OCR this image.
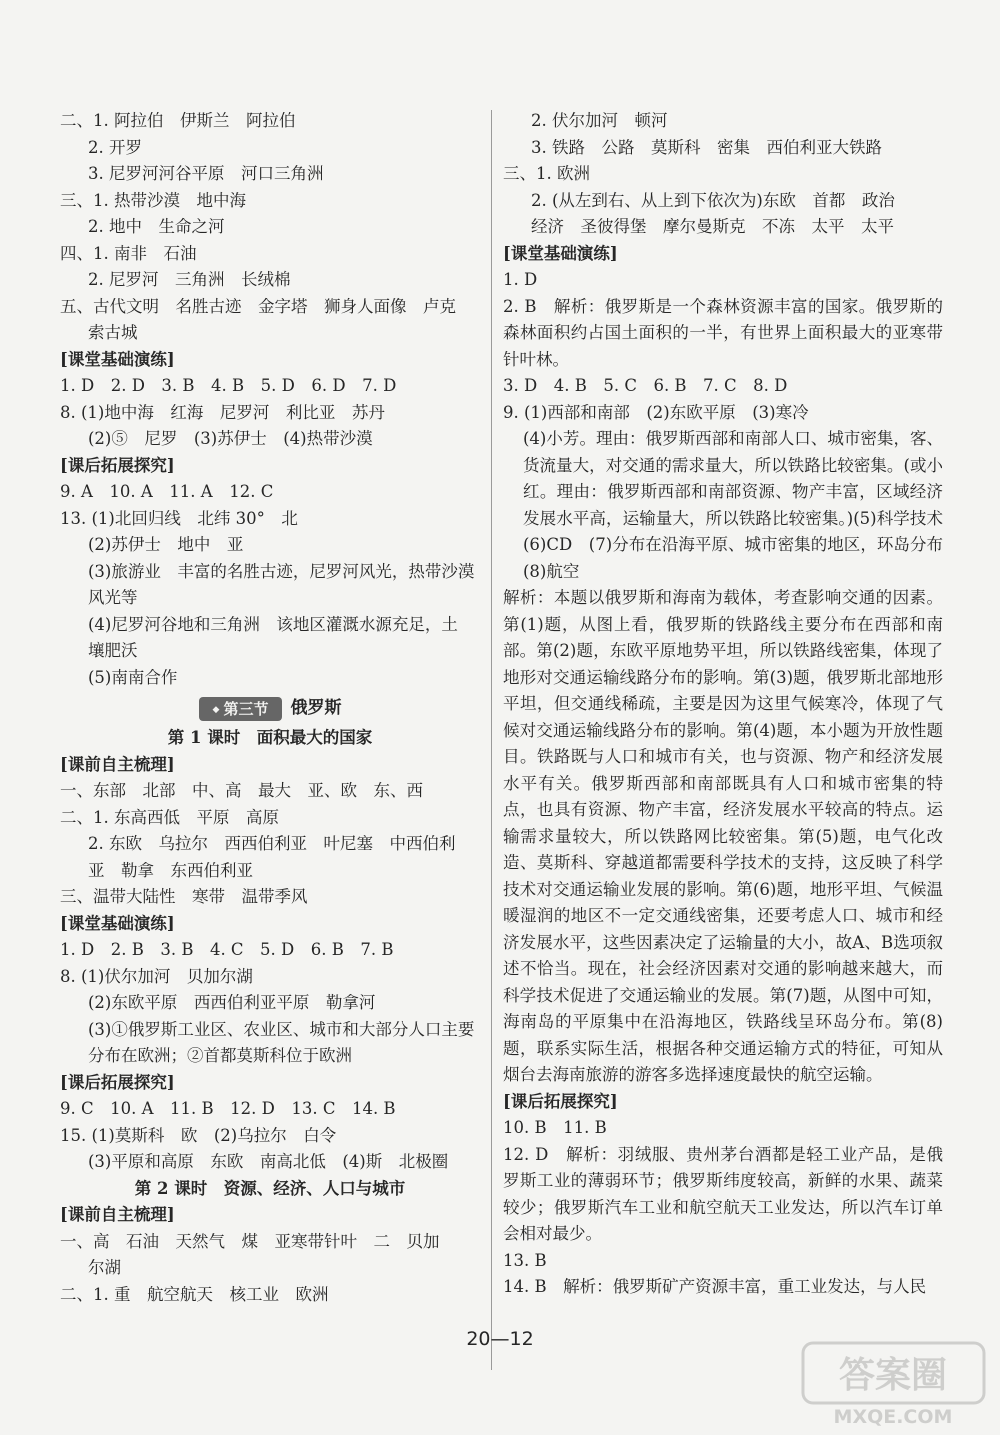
二、1. 阿拉伯　伊斯兰　阿拉伯
2. 开罗
3. 尼罗河河谷平原　河口三角洲
三、1. 热带沙漠　地中海
2. 地中　生命之河
四、1. 南非　石油
2. 尼罗河　三角洲　长绒棉
五、古代文明　名胜古迹　金字塔　狮身人面像　卢克
索古城
[ 课堂基础演练 ]
1. D　2. D　3. B　4. B　5. D　6. D　7. D
8. (1)地中海　红海　尼罗河　利比亚　苏丹
(2)⑤　尼罗　(3)苏伊士　(4)热带沙漠
[ 课后拓展探究 ]
9. A　10. A　11. A　12. C
13. (1)北回归线　北纬 30°　北
(2)苏伊士　地中　亚
(3)旅游业　丰富的名胜古迹，尼罗河风光，热带沙漠
风光等
(4)尼罗河谷地和三角洲　该地区灌溉水源充足，土
壤肥沃
(5)南南合作
◆ 第三节 俄罗斯
第 1 课时　面积最大的国家
[ 课前自主梳理 ]
一、东部　北部　中、高　最大　亚、欧　东、西
二、1. 东高西低　平原　高原
2. 东欧　乌拉尔　西西伯利亚　叶尼塞　中西伯利
亚　勒拿　东西伯利亚
三、温带大陆性　寒带　温带季风
[ 课堂基础演练 ]
1. D　2. B　3. B　4. C　5. D　6. B　7. B
8. (1)伏尔加河　贝加尔湖
(2)东欧平原　西西伯利亚平原　勒拿河
(3)①俄罗斯工业区、农业区、城市和大部分人口主要
分布在欧洲；②首都莫斯科位于欧洲
[ 课后拓展探究 ]
9. C　10. A　11. B　12. D　13. C　14. B
15. (1)莫斯科　欧　(2)乌拉尔　白令
(3)平原和高原　东欧　南高北低　(4)斯　北极圈
第 2 课时　资源、经济、人口与城市
[ 课前自主梳理 ]
一、高　石油　天然气　煤　亚寒带针叶　二　贝加
尔湖
二、1. 重　航空航天　核工业　欧洲
2. 伏尔加河　顿河
3. 铁路　公路　莫斯科　密集　西伯利亚大铁路
三、1. 欧洲
2. (从左到右、从上到下依次为)东欧　首都　政治
经济　圣彼得堡　摩尔曼斯克　不冻　太平　太平
[ 课堂基础演练 ]
1. D
2. B　解析：俄罗斯是一个森林资源丰富的国家。俄罗斯的森林面积约占国土面积的一半，有世界上面积最大的亚寒带针叶林。
3. D　4. B　5. C　6. B　7. C　8. D
9. (1)西部和南部　(2)东欧平原　(3)寒冷
(4)小芳。理由：俄罗斯西部和南部人口、城市密集，客、货流量大，对交通的需求量大，所以铁路比较密集。(或小红。理由：俄罗斯西部和南部资源、物产丰富，区域经济发展水平高，运输量大，所以铁路比较密集。)(5)科学技术　(6)CD　(7)分布在沿海平原、城市密集的地区，环岛分布　(8)航空
解析：本题以俄罗斯和海南为载体，考查影响交通的因素。第(1)题，从图上看，俄罗斯的铁路线主要分布在西部和南部。第(2)题，东欧平原地势平坦，所以铁路线密集，体现了地形对交通运输线路分布的影响。第(3)题，俄罗斯北部地形平坦，但交通线稀疏，主要是因为这里气候寒冷，体现了气候对交通运输线路分布的影响。第(4)题，本小题为开放性题目。铁路既与人口和城市有关，也与资源、物产和经济发展水平有关。俄罗斯西部和南部既具有人口和城市密集的特点，也具有资源、物产丰富，经济发展水平较高的特点。运输需求量较大，所以铁路网比较密集。第(5)题，电气化改造、莫斯科、穿越道都需要科学技术的支持，这反映了科学技术对交通运输业发展的影响。第(6)题，地形平坦、气候温暖湿润的地区不一定交通线密集，还要考虑人口、城市和经济发展水平，这些因素决定了运输量的大小，故A、B选项叙述不恰当。现在，社会经济因素对交通的影响越来越大，而科学技术促进了交通运输业的发展。第(7)题，从图中可知，海南岛的平原集中在沿海地区，铁路线呈环岛分布。第(8)题，联系实际生活，根据各种交通运输方式的特征，可知从烟台去海南旅游的游客多选择速度最快的航空运输。
[ 课后拓展探究 ]
10. B　11. B
12. D　解析：羽绒服、贵州茅台酒都是轻工业产品，是俄罗斯工业的薄弱环节；俄罗斯纬度较高，新鲜的水果、蔬菜较少；俄罗斯汽车工业和航空航天工业发达，所以汽车订单会相对最少。
13. B
14. B　解析：俄罗斯矿产资源丰富，重工业发达，与人民
20—12
答案圈
MXQE.COM
